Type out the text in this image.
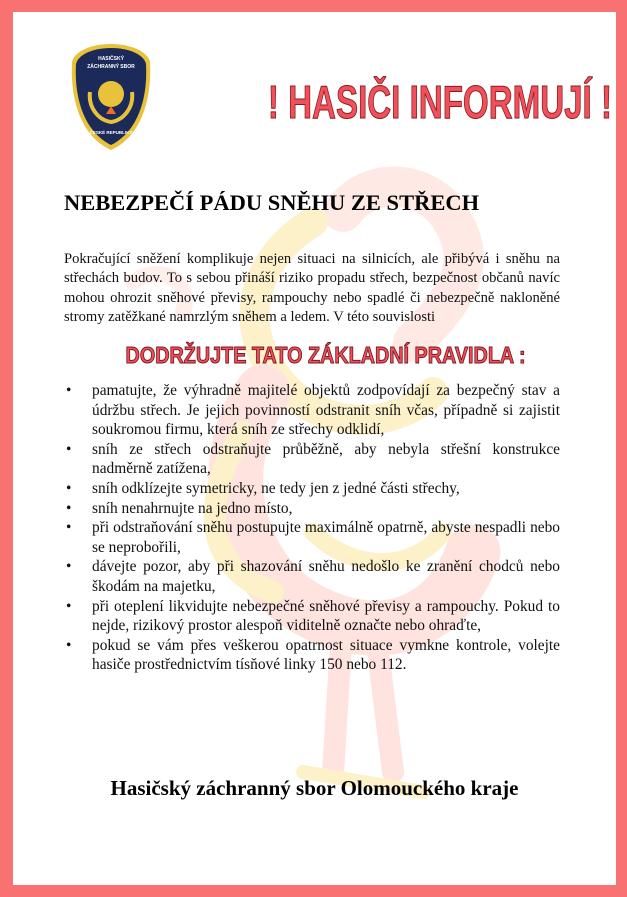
HASIČSKÝ
ZÁCHRANNÝ SBOR
ČESKÉ REPUBLIKY
! HASIČI INFORMUJÍ !
NEBEZPEČÍ PÁDU SNĚHU ZE STŘECH
Pokračující sněžení komplikuje nejen situaci na silnicích, ale přibývá i sněhu na střechách budov. To s sebou přináší riziko propadu střech, bezpečnost občanů navíc mohou ohrozit sněhové převisy, rampouchy nebo spadlé či nebezpečně nakloněné stromy zatěžkané namrzlým sněhem a ledem. V této souvislosti
DODRŽUJTE TATO ZÁKLADNÍ PRAVIDLA :
• pamatujte, že výhradně majitelé objektů zodpovídají za bezpečný stav a údržbu střech. Je jejich povinností odstranit sníh včas, případně si zajistit soukromou firmu, která sníh ze střechy odklidí,
• sníh ze střech odstraňujte průběžně, aby nebyla střešní konstrukce nadměrně zatížena,
• sníh odklízejte symetricky, ne tedy jen z jedné části střechy,
• sníh nenahrnujte na jedno místo,
• při odstraňování sněhu postupujte maximálně opatrně, abyste nespadli nebo se neprobořili,
• dávejte pozor, aby při shazování sněhu nedošlo ke zranění chodců nebo škodám na majetku,
• při oteplení likvidujte nebezpečné sněhové převisy a rampouchy. Pokud to nejde, rizikový prostor alespoň viditelně označte nebo ohraďte,
• pokud se vám přes veškerou opatrnost situace vymkne kontrole, volejte hasiče prostřednictvím tísňové linky 150 nebo 112.
Hasičský záchranný sbor Olomouckého kraje
